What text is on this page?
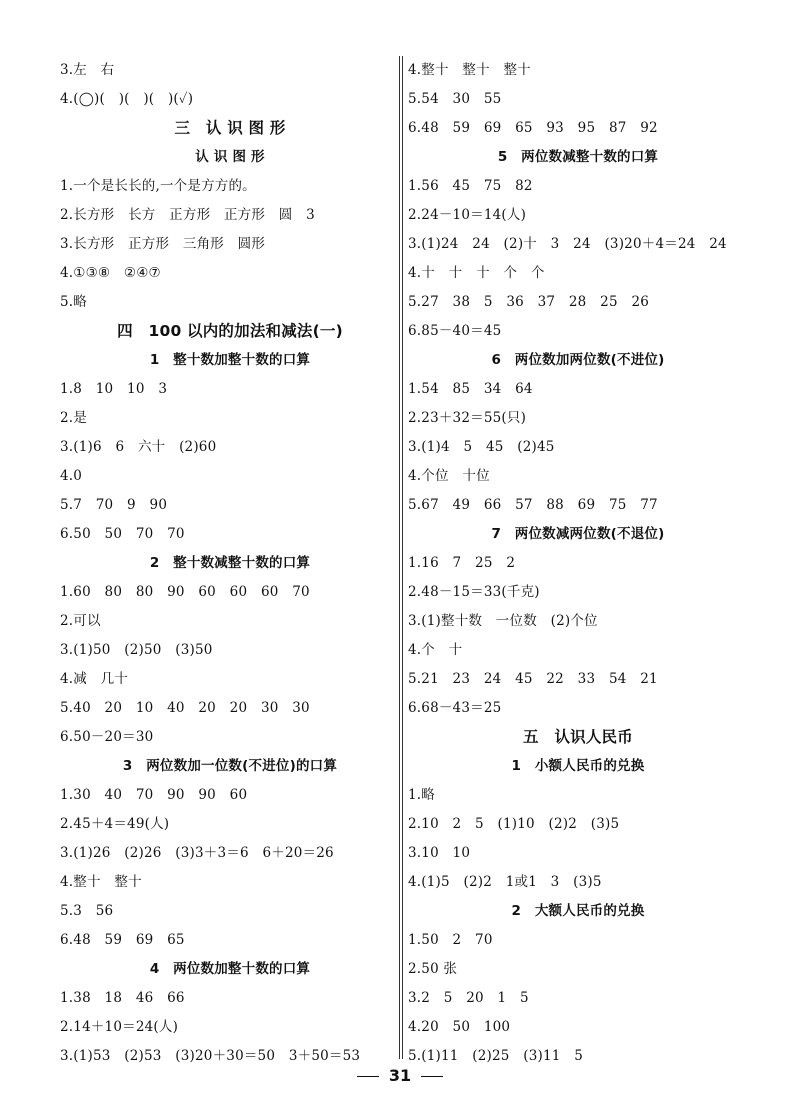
3.左　右
4.(◯)(　)(　)(　)(✓)
三　认 识 图 形
认 识 图 形
1.一个是长长的,一个是方方的。
2.长方形　长方　正方形　正方形　圆　3
3.长方形　正方形　三角形　圆形
4.①③⑧　②④⑦
5.略
四　100 以内的加法和减法(一)
1　整十数加整十数的口算
1.8　10　10　3
2.是
3.(1)6　6　六十　(2)60
4.0
5.7　70　9　90
6.50　50　70　70
2　整十数减整十数的口算
1.60　80　80　90　60　60　60　70
2.可以
3.(1)50　(2)50　(3)50
4.减　几十
5.40　20　10　40　20　20　30　30
6.50－20＝30
3　两位数加一位数(不进位)的口算
1.30　40　70　90　90　60
2.45＋4＝49(人)
3.(1)26　(2)26　(3)3＋3＝6　6＋20＝26
4.整十　整十
5.3　56
6.48　59　69　65
4　两位数加整十数的口算
1.38　18　46　66
2.14＋10＝24(人)
3.(1)53　(2)53　(3)20＋30＝50　3＋50＝53
4.整十　整十　整十
5.54　30　55
6.48　59　69　65　93　95　87　92
5　两位数减整十数的口算
1.56　45　75　82
2.24－10＝14(人)
3.(1)24　24　(2)十　3　24　(3)20＋4＝24　24
4.十　十　十　个　个
5.27　38　5　36　37　28　25　26
6.85－40＝45
6　两位数加两位数(不进位)
1.54　85　34　64
2.23＋32＝55(只)
3.(1)4　5　45　(2)45
4.个位　十位
5.67　49　66　57　88　69　75　77
7　两位数减两位数(不退位)
1.16　7　25　2
2.48－15＝33(千克)
3.(1)整十数　一位数　(2)个位
4.个　十
5.21　23　24　45　22　33　54　21
6.68－43＝25
五　认识人民币
1　小额人民币的兑换
1.略
2.10　2　5　(1)10　(2)2　(3)5
3.10　10
4.(1)5　(2)2　1或1　3　(3)5
2　大额人民币的兑换
1.50　2　70
2.50 张
3.2　5　20　1　5
4.20　50　100
5.(1)11　(2)25　(3)11　5
31
